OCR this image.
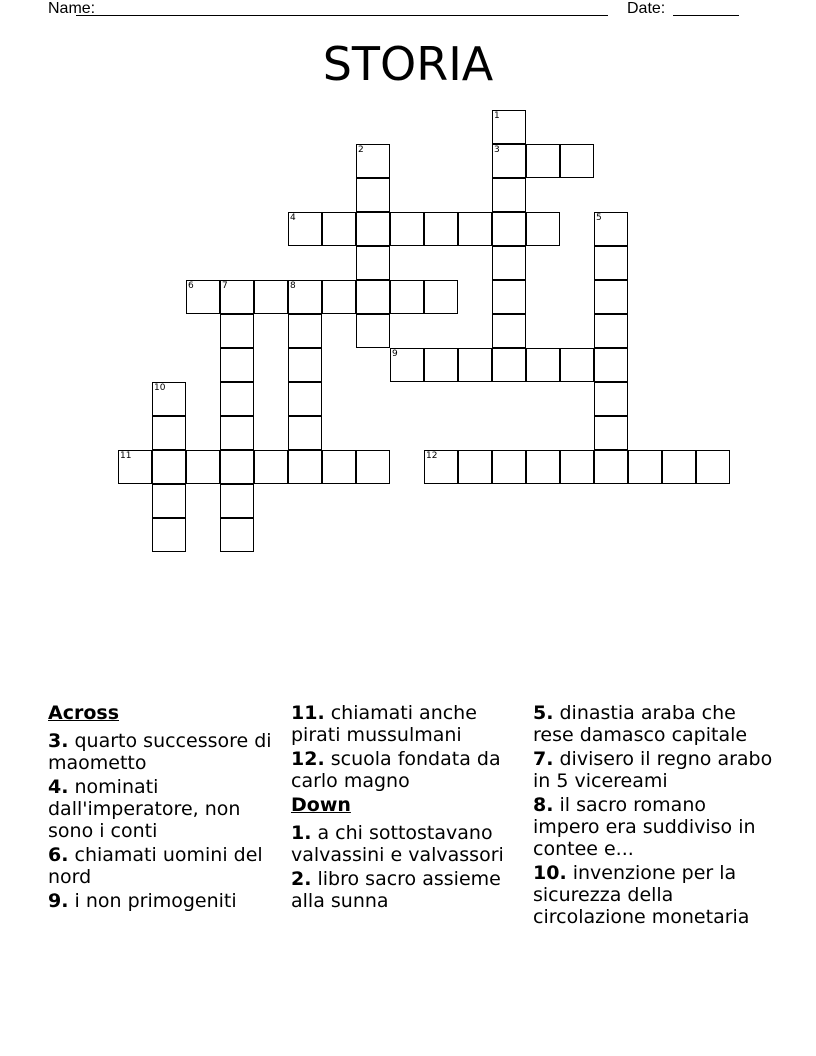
Name:	Date:
STORIA
1
2	3
4	5
6	7	8
9
10
11	12
Across
3. quarto successore di maometto
4. nominati dall'imperatore, non sono i conti
6. chiamati uomini del nord
9. i non primogeniti
11. chiamati anche pirati mussulmani
12. scuola fondata da carlo magno
Down
1. a chi sottostavano valvassini e valvassori
2. libro sacro assieme alla sunna
5. dinastia araba che rese damasco capitale
7. divisero il regno arabo in 5 vicereami
8. il sacro romano impero era suddiviso in contee e...
10. invenzione per la sicurezza della circolazione monetaria
